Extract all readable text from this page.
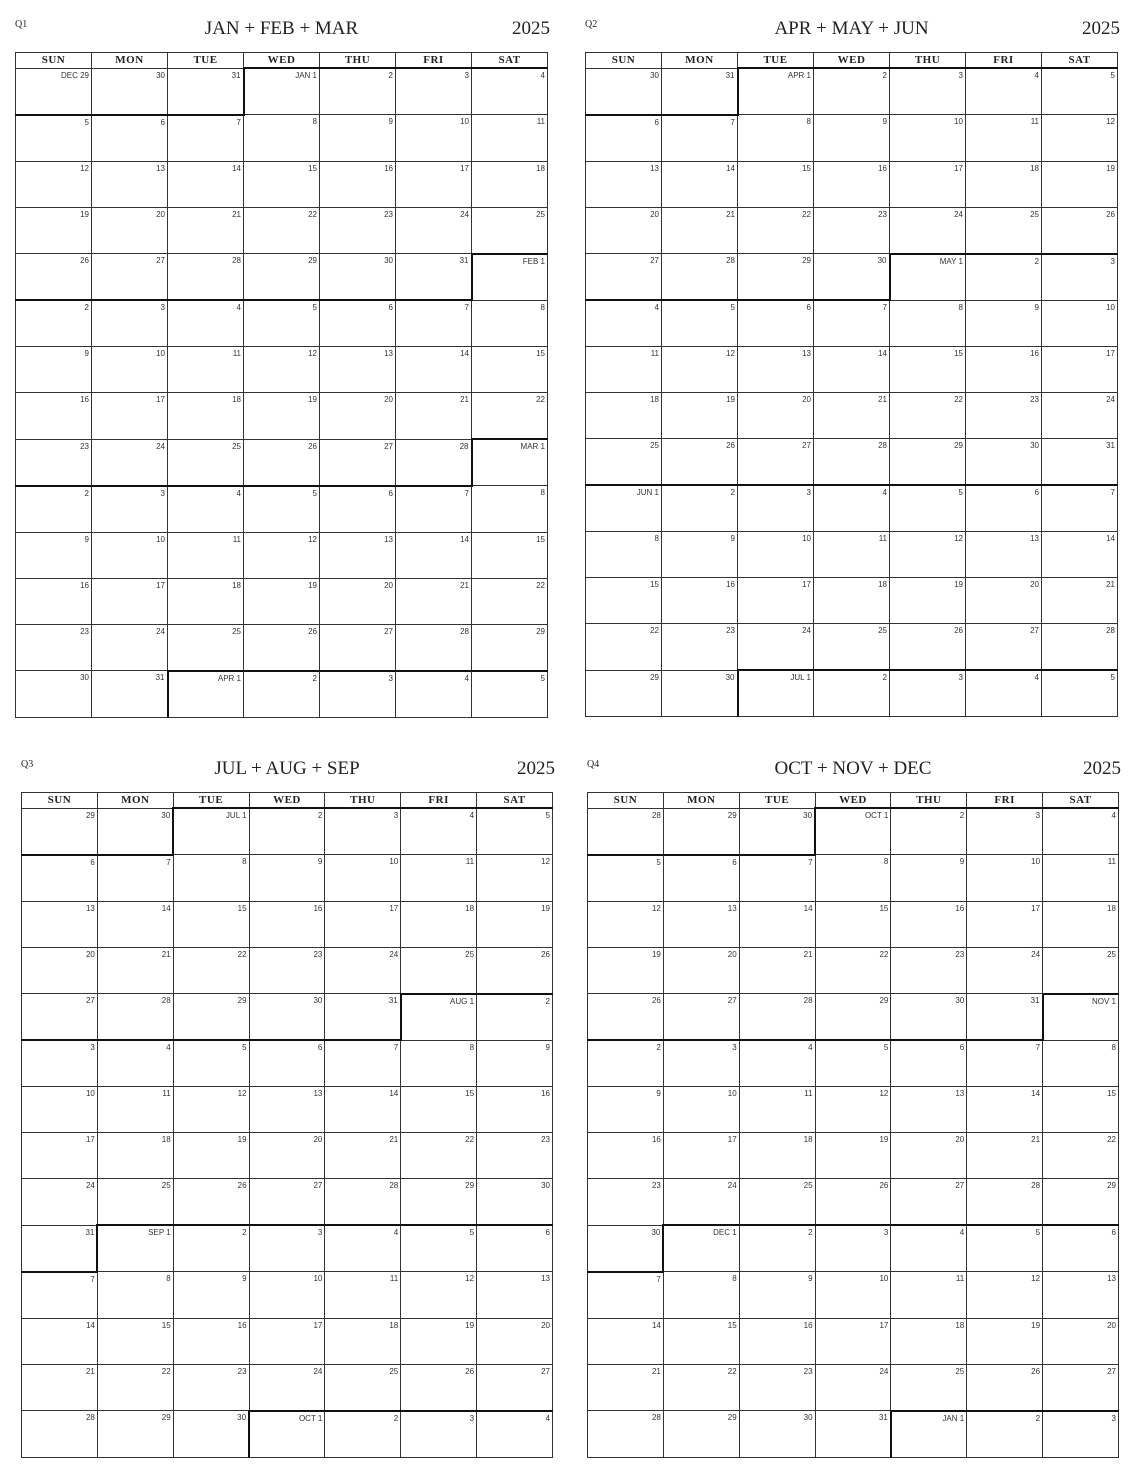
Q1	JAN + FEB + MAR	2025
SUN	MON	TUE	WED	THU	FRI	SAT

DEC 29	30	31	JAN 1	2	3	4

5	6	7	8	9	10	11

12	13	14	15	16	17	18

19	20	21	22	23	24	25

26	27	28	29	30	31	FEB 1

2	3	4	5	6	7	8

9	10	11	12	13	14	15

16	17	18	19	20	21	22

23	24	25	26	27	28	MAR 1

2	3	4	5	6	7	8

9	10	11	12	13	14	15

16	17	18	19	20	21	22

23	24	25	26	27	28	29

30	31	APR 1	2	3	4	5
Q2	APR + MAY + JUN	2025
SUN	MON	TUE	WED	THU	FRI	SAT

30	31	APR 1	2	3	4	5

6	7	8	9	10	11	12

13	14	15	16	17	18	19

20	21	22	23	24	25	26

27	28	29	30	MAY 1	2	3

4	5	6	7	8	9	10

11	12	13	14	15	16	17

18	19	20	21	22	23	24

25	26	27	28	29	30	31

JUN 1	2	3	4	5	6	7

8	9	10	11	12	13	14

15	16	17	18	19	20	21

22	23	24	25	26	27	28

29	30	JUL 1	2	3	4	5
Q3	JUL + AUG + SEP	2025
SUN	MON	TUE	WED	THU	FRI	SAT

29	30	JUL 1	2	3	4	5

6	7	8	9	10	11	12

13	14	15	16	17	18	19

20	21	22	23	24	25	26

27	28	29	30	31	AUG 1	2

3	4	5	6	7	8	9

10	11	12	13	14	15	16

17	18	19	20	21	22	23

24	25	26	27	28	29	30

31	SEP 1	2	3	4	5	6

7	8	9	10	11	12	13

14	15	16	17	18	19	20

21	22	23	24	25	26	27

28	29	30	OCT 1	2	3	4
Q4	OCT + NOV + DEC	2025
SUN	MON	TUE	WED	THU	FRI	SAT

28	29	30	OCT 1	2	3	4

5	6	7	8	9	10	11

12	13	14	15	16	17	18

19	20	21	22	23	24	25

26	27	28	29	30	31	NOV 1

2	3	4	5	6	7	8

9	10	11	12	13	14	15

16	17	18	19	20	21	22

23	24	25	26	27	28	29

30	DEC 1	2	3	4	5	6

7	8	9	10	11	12	13

14	15	16	17	18	19	20

21	22	23	24	25	26	27

28	29	30	31	JAN 1	2	3
